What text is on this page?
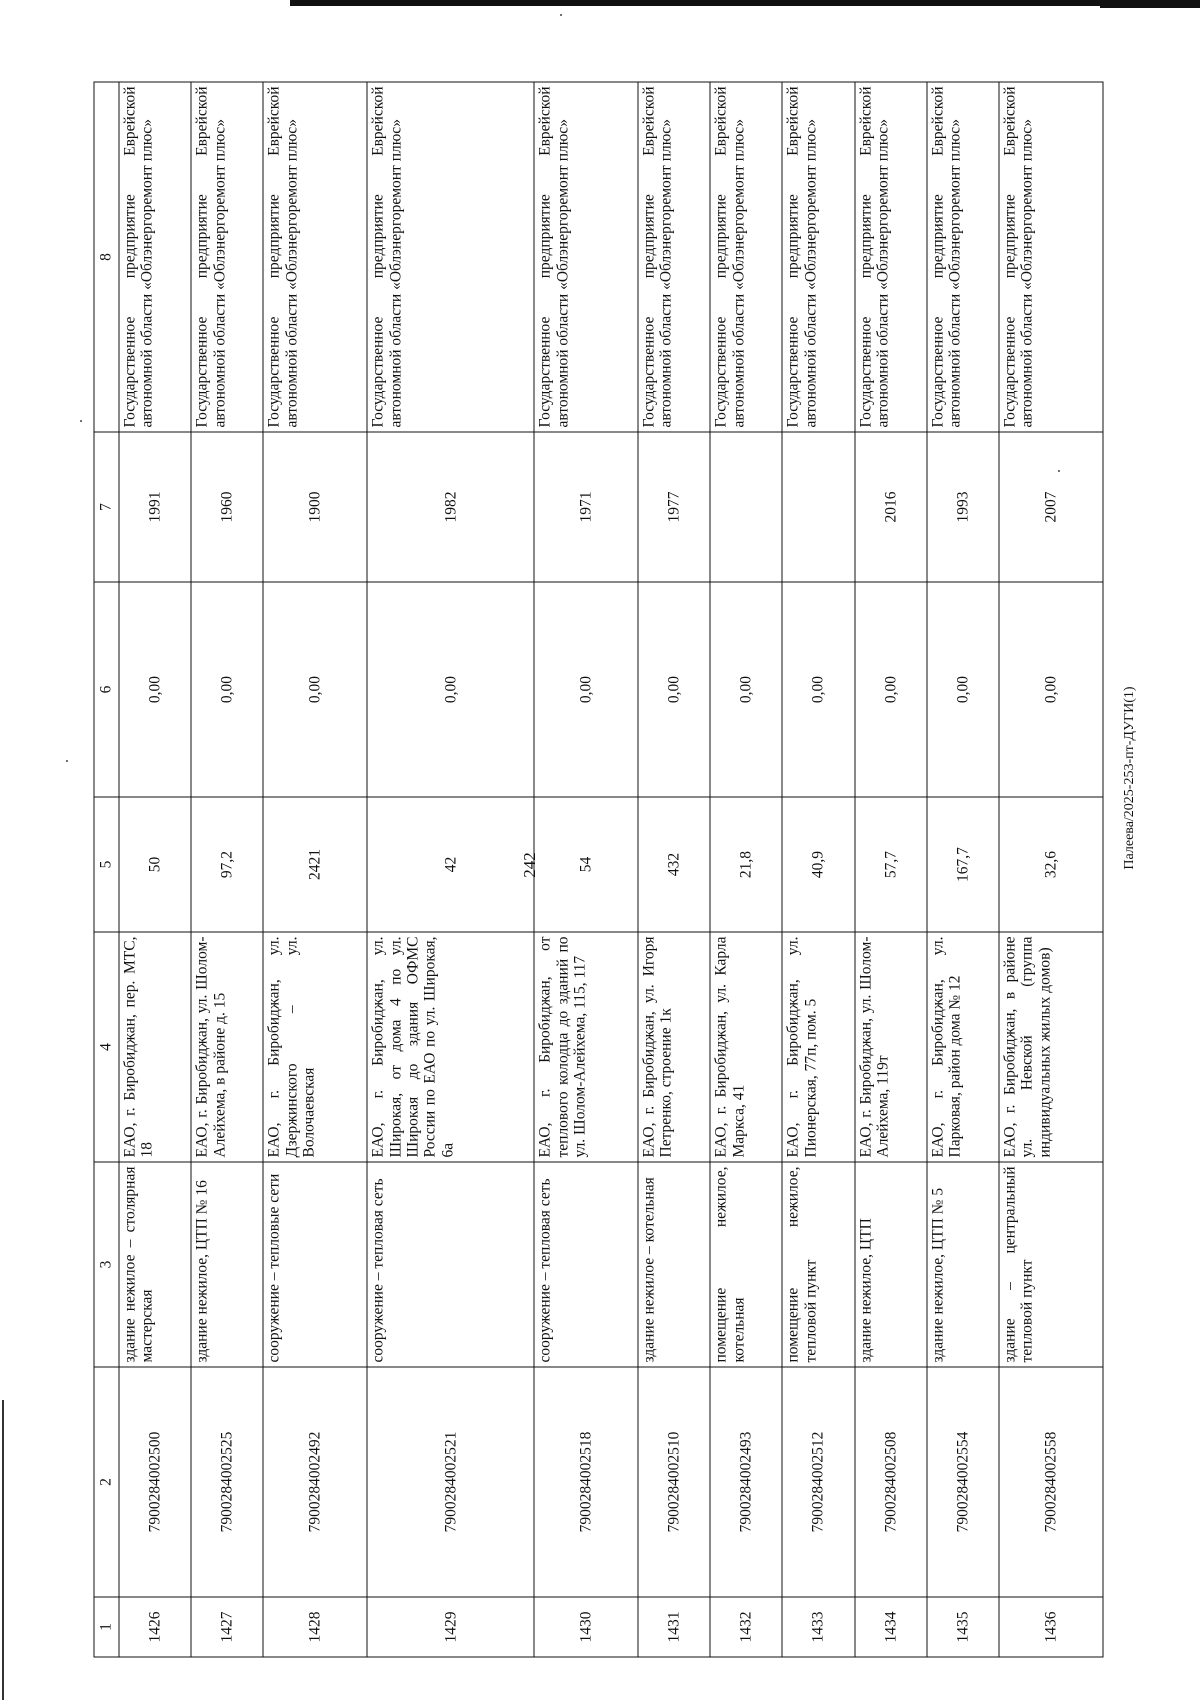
242
1	2	3	4	5	6	7	8
1426	7900284002500	здание нежилое – столярная мастерская	ЕАО, г. Биробиджан, пер. МТС, 18	50	0,00	1991	Государственное предприятие Еврейской автономной области «Облэнергоремонт плюс»
1427	7900284002525	здание нежилое, ЦТП № 16	ЕАО, г. Биробиджан, ул. Шолом-Алейхема, в районе д. 15	97,2	0,00	1960	Государственное предприятие Еврейской автономной области «Облэнергоремонт плюс»
1428	7900284002492	сооружение – тепловые сети	ЕАО, г. Биробиджан, ул. Дзержинского – ул. Волочаевская	2421	0,00	1900	Государственное предприятие Еврейской автономной области «Облэнергоремонт плюс»
1429	7900284002521	сооружение – тепловая сеть	ЕАО, г. Биробиджан, ул. Широкая, от дома 4 по ул. Широкая до здания ОФМС России по ЕАО по ул. Широкая, 6а	42	0,00	1982	Государственное предприятие Еврейской автономной области «Облэнергоремонт плюс»
1430	7900284002518	сооружение – тепловая сеть	ЕАО, г. Биробиджан, от теплового колодца до зданий по ул. Шолом-Алейхема, 115, 117	54	0,00	1971	Государственное предприятие Еврейской автономной области «Облэнергоремонт плюс»
1431	7900284002510	здание нежилое – котельная	ЕАО, г. Биробиджан, ул. Игоря Петренко, строение 1к	432	0,00	1977	Государственное предприятие Еврейской автономной области «Облэнергоремонт плюс»
1432	7900284002493	помещение нежилое, котельная	ЕАО, г. Биробиджан, ул. Карла Маркса, 41	21,8	0,00		Государственное предприятие Еврейской автономной области «Облэнергоремонт плюс»
1433	7900284002512	помещение нежилое, тепловой пункт	ЕАО, г. Биробиджан, ул. Пионерская, 77п, пом. 5	40,9	0,00		Государственное предприятие Еврейской автономной области «Облэнергоремонт плюс»
1434	7900284002508	здание нежилое, ЦТП	ЕАО, г. Биробиджан, ул. Шолом-Алейхема, 119т	57,7	0,00	2016	Государственное предприятие Еврейской автономной области «Облэнергоремонт плюс»
1435	7900284002554	здание нежилое, ЦТП № 5	ЕАО, г. Биробиджан, ул. Парковая, район дома № 12	167,7	0,00	1993	Государственное предприятие Еврейской автономной области «Облэнергоремонт плюс»
1436	7900284002558	здание – центральный тепловой пункт	ЕАО, г. Биробиджан, в районе ул. Невской (группа индивидуальных жилых домов)	32,6	0,00	2007	Государственное предприятие Еврейской автономной области «Облэнергоремонт плюс»
Палеева/2025-253-пт-ДУГИ(1)
